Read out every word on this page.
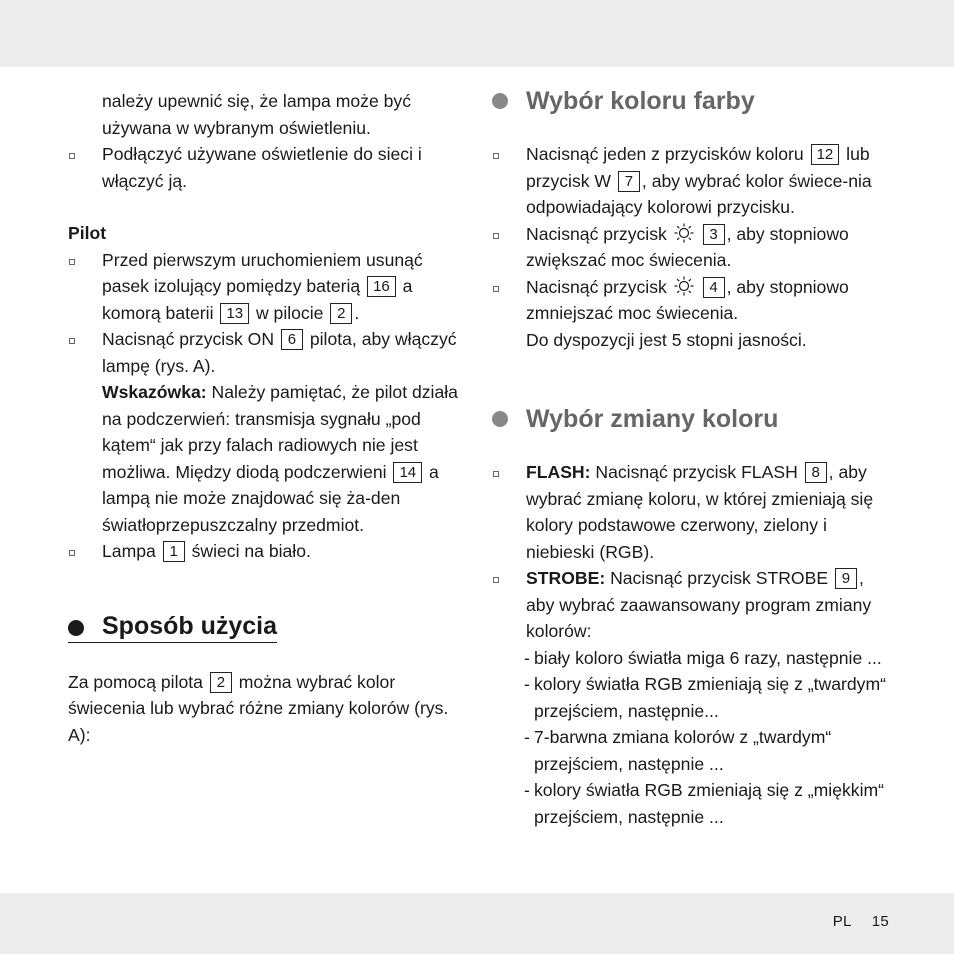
należy upewnić się, że lampa może być używana w wybranym oświetleniu.

Podłączyć używane oświetlenie do sieci i włączyć ją.

Pilot

Przed pierwszym uruchomieniem usunąć pasek izolujący pomiędzy baterią 16 a komorą baterii 13 w pilocie 2 .

Nacisnąć przycisk ON 6 pilota, aby włączyć lampę (rys. A).

Wskazówka: Należy pamiętać, że pilot działa na podczerwień: transmisja sygnału „pod kątem“ jak przy falach radiowych nie jest możliwa. Między diodą podczerwieni 14 a lampą nie może znajdować się ża-den światłoprzepuszczalny przedmiot.

Lampa 1 świeci na biało.

Sposób użycia

Za pomocą pilota 2 można wybrać kolor świecenia lub wybrać różne zmiany kolorów (rys. A):

Wybór koloru farby

Nacisnąć jeden z przycisków koloru 12 lub przycisk W 7 , aby wybrać kolor świece-nia odpowiadający kolorowi przycisku.

Nacisnąć przycisk	3 , aby stopniowo zwiększać moc świecenia.

Nacisnąć przycisk	4 , aby stopniowo zmniejszać moc świecenia.

Do dyspozycji jest 5 stopni jasności.

Wybór zmiany koloru

FLASH: Nacisnąć przycisk FLASH 8 , aby wybrać zmianę koloru, w której zmieniają się kolory podstawowe czerwony, zielony i niebieski (RGB).

STROBE: Nacisnąć przycisk STROBE 9 , aby wybrać zaawansowany program zmiany kolorów:

- biały koloro światła miga 6 razy, następnie ...

- kolory światła RGB zmieniają się z „twardym“ przejściem, następnie...

- 7-barwna zmiana kolorów z „twardym“ przejściem, następnie ...

- kolory światła RGB zmieniają się z „miękkim“ przejściem, następnie ...

PL 15
